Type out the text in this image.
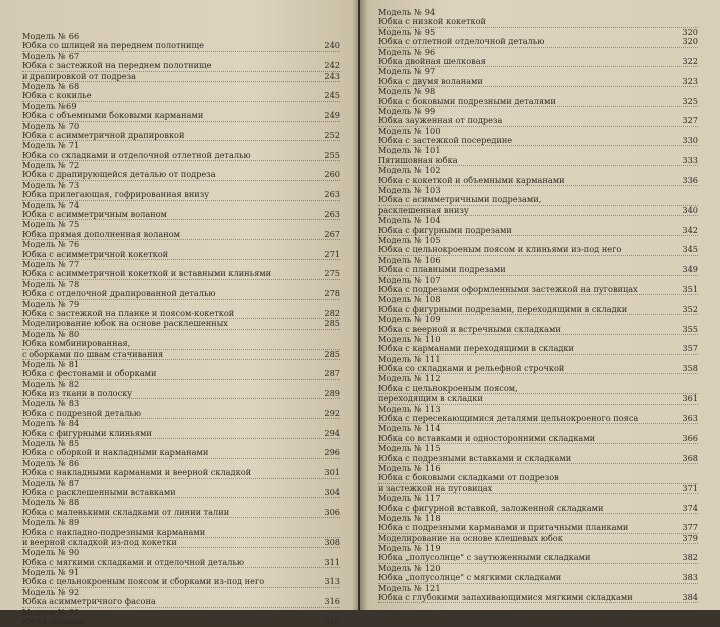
Модель № 66
Юбка со шлицей на переднем полотнище	240
Модель № 67
Юбка с застежкой на переднем полотнище	242
и драпировкой от подреза	243
Модель № 68
Юбка с кокилье	245
Модель №69
Юбка с объемными боковыми карманами	249
Модель № 70
Юбка с асимметричной драпировкой	252
Модель № 71
Юбка со складками и отделочной отлетной деталью	255
Модель № 72
Юбка с драпирующейся деталью от подреза	260
Модель № 73
Юбка прилегающая, гофрированная внизу	263
Модель № 74
Юбка с асимметричным воланом	263
Модель № 75
Юбка прямая дополненная воланом	267
Модель № 76
Юбка с асимметричной кокеткой	271
Модель № 77
Юбка с асимметричной кокеткой и вставными клиньями	275
Модель № 78
Юбка с отделочной драпированной деталью	278
Модель № 79
Юбка с застежкой на планке и поясом-кокеткой	282
Моделирование юбок на основе расклешенных	285
Модель № 80
Юбка комбинированная,
с оборками по швам стачивания	285
Модель № 81
Юбка с фестонами и оборками	287
Модель № 82
Юбка из ткани в полоску	289
Модель № 83
Юбка с подрезной деталью	292
Модель № 84
Юбка с фигурными клиньями	294
Модель № 85
Юбка с оборкой и накладными карманами	296
Модель № 86
Юбка с накладными карманами и веерной складкой	301
Модель № 87
Юбка с расклешенными вставками	304
Модель № 88
Юбка с маленькими складками от линии талии	306
Модель № 89
Юбка с накладно-подрезными карманами
и веерной складкой из-под кокетки	308
Модель № 90
Юбка с мягкими складками и отделочной деталью	311
Модель № 91
Юбка с цельнокроеным поясом и сборками из-под него	313
Модель № 92
Юбка асимметричного фасона	316
Модель № 93
Юбка двойная	318
Модель № 94
Юбка с низкой кокеткой
Модель № 95	320
Юбка с отлетной отделочной деталью	320
Модель № 96
Юбка двойная шелковая	322
Модель № 97
Юбка с двумя воланами	323
Модель № 98
Юбка с боковыми подрезными деталями	325
Модель № 99
Юбка зауженная от подреза	327
Модель № 100
Юбка с застежкой посередине	330
Модель № 101
Пятишовная юбка	333
Модель № 102
Юбка с кокеткой и объемными карманами	336
Модель № 103
Юбка с асимметричными подрезами,
расклешенная внизу	340
Модель № 104
Юбка с фигурными подрезами	342
Модель № 105
Юбка с цельнокроеным поясом и клиньями из-под него	345
Модель № 106
Юбка с плавными подрезами	349
Модель № 107
Юбка с подрезами оформленными застежкой на пуговицах	351
Модель № 108
Юбка с фигурными подрезами, переходящими в складки	352
Модель № 109
Юбка с веерной и встречными складками	355
Модель № 110
Юбка с карманами переходящими в складки	357
Модель № 111
Юбка со складками и рельефной строчкой	358
Модель № 112
Юбка с цельнокроеным поясом,
переходящим в складки	361
Модель № 113
Юбка с пересекающимися деталями цельнокроеного пояса	363
Модель № 114
Юбка со вставками и односторонними складками	366
Модель № 115
Юбка с подрезными вставками и складками	368
Модель № 116
Юбка с боковыми складками от подрезов
и застежкой на пуговицах	371
Модель № 117
Юбка с фигурной вставкой, заложенной складками	374
Модель № 118
Юбка с подрезными карманами и притачными планками	377
Моделирование на основе клешевых юбок	379
Модель № 119
Юбка „полусолнце" с заутюженными складками	382
Модель № 120
Юбка „полусолнце" с мягкими складками	383
Модель № 121
Юбка с глубокими запахивающимися мягкими складками	384
